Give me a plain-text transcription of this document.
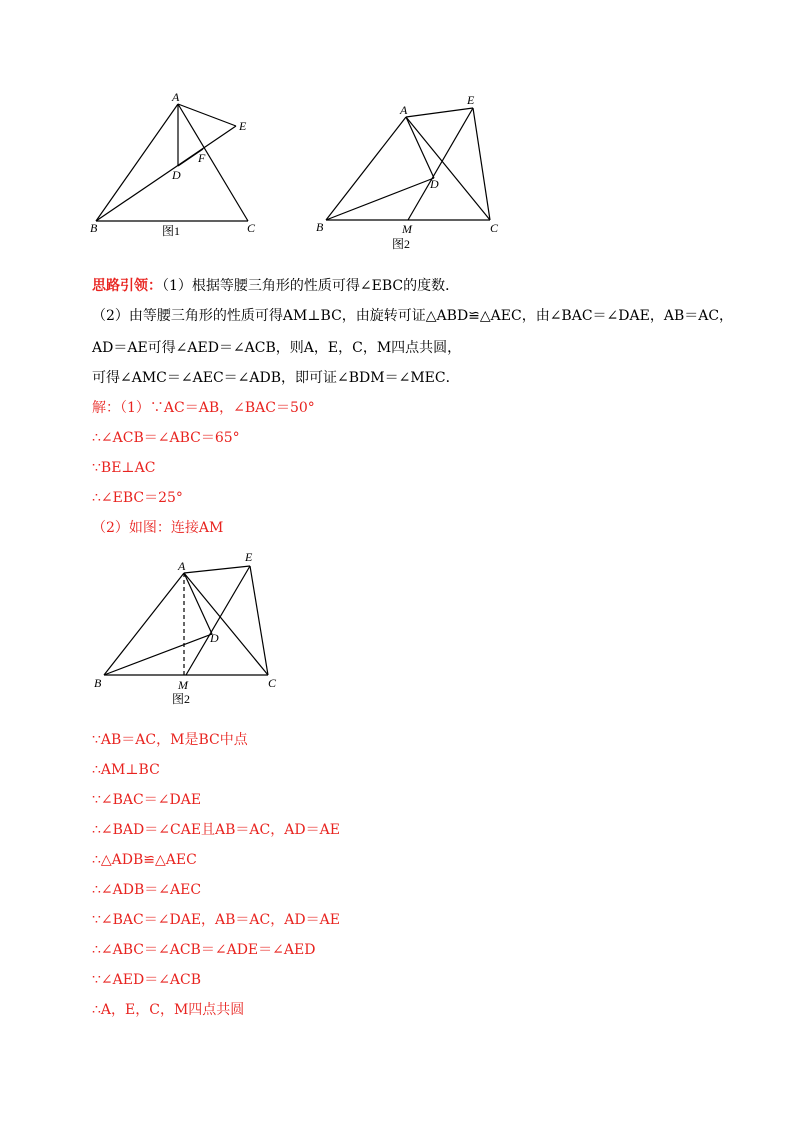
A
E
F
D
B	C
图1
A
E
D
B	M	C
图2
思路引领：（1）根据等腰三角形的性质可得∠EBC的度数．
（2）由等腰三角形的性质可得AM⊥BC，由旋转可证△ABD≌△AEC，由∠BAC＝∠DAE，AB＝AC，
AD＝AE可得∠AED＝∠ACB，则A，E，C，M四点共圆，
可得∠AMC＝∠AEC＝∠ADB，即可证∠BDM＝∠MEC．
解：（1）∵AC＝AB，∠BAC＝50°
∴∠ACB＝∠ABC＝65°
∵BE⊥AC
∴∠EBC＝25°
（2）如图：连接AM
A
E
D
B	M	C
图2
∵AB＝AC，M是BC中点
∴AM⊥BC
∵∠BAC＝∠DAE
∴∠BAD＝∠CAE且AB＝AC，AD＝AE
∴△ADB≌△AEC
∴∠ADB＝∠AEC
∵∠BAC＝∠DAE，AB＝AC，AD＝AE
∴∠ABC＝∠ACB＝∠ADE＝∠AED
∵∠AED＝∠ACB
∴A，E，C，M四点共圆
